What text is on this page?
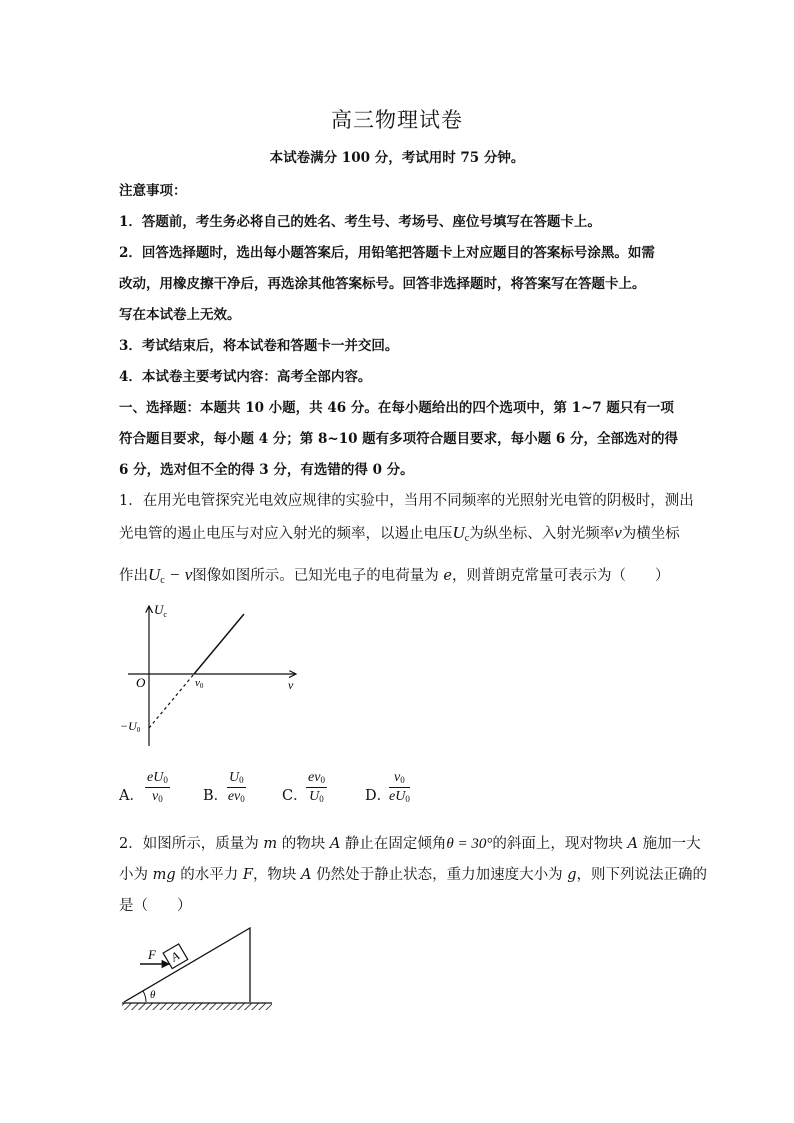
高三物理试卷
本试卷满分 100 分，考试用时 75 分钟。
注意事项：
1．答题前，考生务必将自己的姓名、考生号、考场号、座位号填写在答题卡上。
2．回答选择题时，选出每小题答案后，用铅笔把答题卡上对应题目的答案标号涂黑。如需
改动，用橡皮擦干净后，再选涂其他答案标号。回答非选择题时，将答案写在答题卡上。
写在本试卷上无效。
3．考试结束后，将本试卷和答题卡一并交回。
4．本试卷主要考试内容：高考全部内容。
一、选择题：本题共 10 小题，共 46 分。在每小题给出的四个选项中，第 1~7 题只有一项
符合题目要求，每小题 4 分；第 8~10 题有多项符合题目要求，每小题 6 分，全部选对的得
6 分，选对但不全的得 3 分，有选错的得 0 分。
1．在用光电管探究光电效应规律的实验中，当用不同频率的光照射光电管的阴极时，测出
光电管的遏止电压与对应入射光的频率，以遏止电压$U_c$为纵坐标、入射光频率ν为横坐标
作出$U_c - \nu$图像如图所示。已知光电子的电荷量为 e，则普朗克常量可表示为（　　）
$U_c$
O	ν
ν0
−U0
A． $\frac{eU0}{\nu 0}$ B．
$\frac{U0}{e\nu 0}$	C．
$\frac{e\nu 0}{U0}$	D．
$\frac{\nu 0}{eU0}$
2．如图所示，质量为 m 的物块 A 静止在固定倾角θ = 30°的斜面上，现对物块 A 施加一大
小为 mg 的水平力 F，物块 A 仍然处于静止状态，重力加速度大小为 g，则下列说法正确的
是（　　）
A
F
θ
